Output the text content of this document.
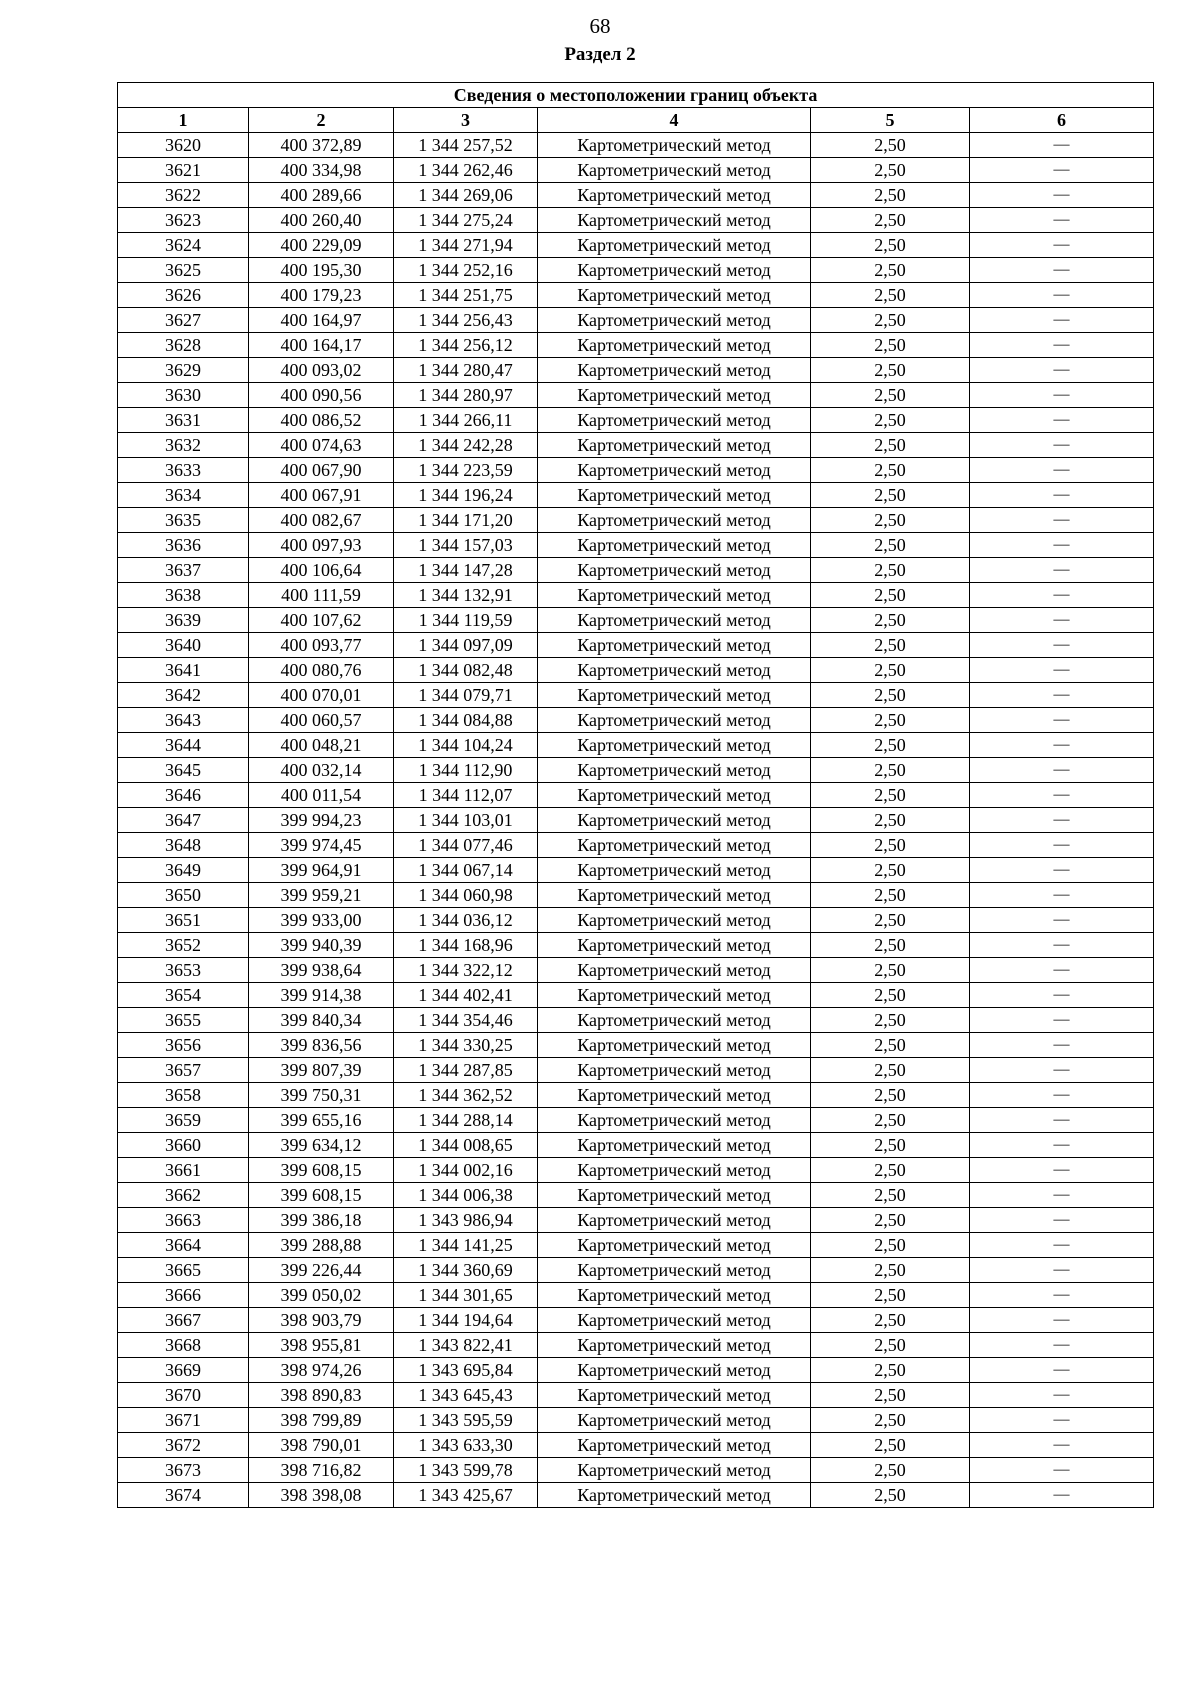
68
Раздел 2
Сведения о местоположении границ объекта					
1	2	3	4	5	6
3620	400 372,89	1 344 257,52	Картометрический метод	2,50	—
3621	400 334,98	1 344 262,46	Картометрический метод	2,50	—
3622	400 289,66	1 344 269,06	Картометрический метод	2,50	—
3623	400 260,40	1 344 275,24	Картометрический метод	2,50	—
3624	400 229,09	1 344 271,94	Картометрический метод	2,50	—
3625	400 195,30	1 344 252,16	Картометрический метод	2,50	—
3626	400 179,23	1 344 251,75	Картометрический метод	2,50	—
3627	400 164,97	1 344 256,43	Картометрический метод	2,50	—
3628	400 164,17	1 344 256,12	Картометрический метод	2,50	—
3629	400 093,02	1 344 280,47	Картометрический метод	2,50	—
3630	400 090,56	1 344 280,97	Картометрический метод	2,50	—
3631	400 086,52	1 344 266,11	Картометрический метод	2,50	—
3632	400 074,63	1 344 242,28	Картометрический метод	2,50	—
3633	400 067,90	1 344 223,59	Картометрический метод	2,50	—
3634	400 067,91	1 344 196,24	Картометрический метод	2,50	—
3635	400 082,67	1 344 171,20	Картометрический метод	2,50	—
3636	400 097,93	1 344 157,03	Картометрический метод	2,50	—
3637	400 106,64	1 344 147,28	Картометрический метод	2,50	—
3638	400 111,59	1 344 132,91	Картометрический метод	2,50	—
3639	400 107,62	1 344 119,59	Картометрический метод	2,50	—
3640	400 093,77	1 344 097,09	Картометрический метод	2,50	—
3641	400 080,76	1 344 082,48	Картометрический метод	2,50	—
3642	400 070,01	1 344 079,71	Картометрический метод	2,50	—
3643	400 060,57	1 344 084,88	Картометрический метод	2,50	—
3644	400 048,21	1 344 104,24	Картометрический метод	2,50	—
3645	400 032,14	1 344 112,90	Картометрический метод	2,50	—
3646	400 011,54	1 344 112,07	Картометрический метод	2,50	—
3647	399 994,23	1 344 103,01	Картометрический метод	2,50	—
3648	399 974,45	1 344 077,46	Картометрический метод	2,50	—
3649	399 964,91	1 344 067,14	Картометрический метод	2,50	—
3650	399 959,21	1 344 060,98	Картометрический метод	2,50	—
3651	399 933,00	1 344 036,12	Картометрический метод	2,50	—
3652	399 940,39	1 344 168,96	Картометрический метод	2,50	—
3653	399 938,64	1 344 322,12	Картометрический метод	2,50	—
3654	399 914,38	1 344 402,41	Картометрический метод	2,50	—
3655	399 840,34	1 344 354,46	Картометрический метод	2,50	—
3656	399 836,56	1 344 330,25	Картометрический метод	2,50	—
3657	399 807,39	1 344 287,85	Картометрический метод	2,50	—
3658	399 750,31	1 344 362,52	Картометрический метод	2,50	—
3659	399 655,16	1 344 288,14	Картометрический метод	2,50	—
3660	399 634,12	1 344 008,65	Картометрический метод	2,50	—
3661	399 608,15	1 344 002,16	Картометрический метод	2,50	—
3662	399 608,15	1 344 006,38	Картометрический метод	2,50	—
3663	399 386,18	1 343 986,94	Картометрический метод	2,50	—
3664	399 288,88	1 344 141,25	Картометрический метод	2,50	—
3665	399 226,44	1 344 360,69	Картометрический метод	2,50	—
3666	399 050,02	1 344 301,65	Картометрический метод	2,50	—
3667	398 903,79	1 344 194,64	Картометрический метод	2,50	—
3668	398 955,81	1 343 822,41	Картометрический метод	2,50	—
3669	398 974,26	1 343 695,84	Картометрический метод	2,50	—
3670	398 890,83	1 343 645,43	Картометрический метод	2,50	—
3671	398 799,89	1 343 595,59	Картометрический метод	2,50	—
3672	398 790,01	1 343 633,30	Картометрический метод	2,50	—
3673	398 716,82	1 343 599,78	Картометрический метод	2,50	—
3674	398 398,08	1 343 425,67	Картометрический метод	2,50	—
